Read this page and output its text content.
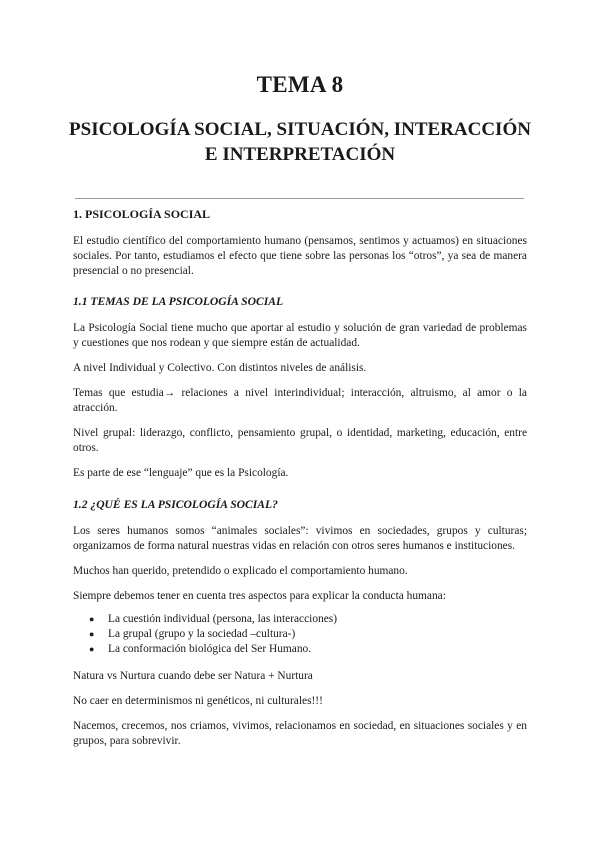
TEMA 8
PSICOLOGÍA SOCIAL, SITUACIÓN, INTERACCIÓN
E INTERPRETACIÓN
1. PSICOLOGÍA SOCIAL

El estudio científico del comportamiento humano (pensamos, sentimos y actuamos) en situaciones sociales. Por tanto, estudiamos el efecto que tiene sobre las personas los “otros”, ya sea de manera presencial o no presencial.

1.1 TEMAS DE LA PSICOLOGÍA SOCIAL

La Psicología Social tiene mucho que aportar al estudio y solución de gran variedad de problemas y cuestiones que nos rodean y que siempre están de actualidad.

A nivel Individual y Colectivo. Con distintos niveles de análisis.

Temas que estudia→ relaciones a nivel interindividual; interacción, altruismo, al amor o la atracción.

Nivel grupal: liderazgo, conflicto, pensamiento grupal, o identidad, marketing, educación, entre otros.

Es parte de ese “lenguaje” que es la Psicología.

1.2 ¿QUÉ ES LA PSICOLOGÍA SOCIAL?

Los seres humanos somos “animales sociales”: vivimos en sociedades, grupos y culturas; organizamos de forma natural nuestras vidas en relación con otros seres humanos e instituciones.

Muchos han querido, pretendido o explicado el comportamiento humano.

Siempre debemos tener en cuenta tres aspectos para explicar la conducta humana:

● La cuestión individual (persona, las interacciones)
● La grupal (grupo y la sociedad –cultura-)
● La conformación biológica del Ser Humano.

Natura vs Nurtura cuando debe ser Natura + Nurtura

No caer en determinismos ni genéticos, ni culturales!!!

Nacemos, crecemos, nos criamos, vivimos, relacionamos en sociedad, en situaciones sociales y en grupos, para sobrevivir.
